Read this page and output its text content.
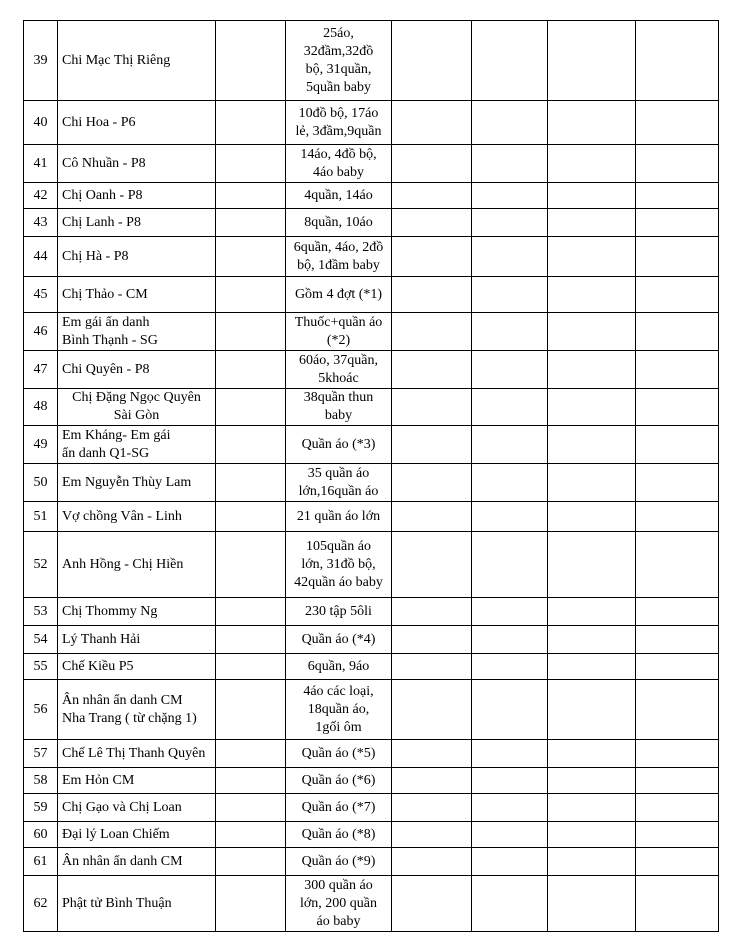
39	Chi Mạc Thị Riêng		25áo,
32đầm,32đồ
bộ, 31quần,
5quần baby				
40	Chi Hoa - P6		10đồ bộ, 17áo
lẻ, 3đầm,9quần				
41	Cô Nhuần - P8		14áo, 4đồ bộ,
4áo baby				
42	Chị Oanh - P8		4quần, 14áo				
43	Chị Lanh - P8		8quần, 10áo				
44	Chị Hà - P8		6quần, 4áo, 2đồ
bộ, 1đầm baby				
45	Chị Thảo - CM		Gồm 4 đợt (*1)				
46	Em gái ẩn danh
Bình Thạnh - SG		Thuốc+quần áo
(*2)				
47	Chi Quyên - P8		60áo, 37quần,
5khoác				
48	Chị Đặng Ngọc Quyên
Sài Gòn		38quần thun
baby				
49	Em Kháng- Em gái
ẩn danh Q1-SG		Quần áo (*3)				
50	Em Nguyễn Thùy Lam		35 quần áo
lớn,16quần áo				
51	Vợ chồng Vân - Linh		21 quần áo lớn				
52	Anh Hồng - Chị Hiền		105quần áo
lớn, 31đồ bộ,
42quần áo baby				
53	Chị Thommy Ng		230 tập 5ôli				
54	Lý Thanh Hải		Quần áo (*4)				
55	Chế Kiều P5		6quần, 9áo				
56	Ân nhân ẩn danh CM
Nha Trang ( từ chặng 1)		4áo các loại,
18quần áo,
1gối ôm				
57	Chế Lê Thị Thanh Quyên		Quần áo (*5)				
58	Em Hỏn CM		Quần áo (*6)				
59	Chị Gạo và Chị Loan		Quần áo (*7)				
60	Đại lý Loan Chiếm		Quần áo (*8)				
61	Ân nhân ẩn danh CM		Quần áo (*9)				
62	Phật tử Bình Thuận		300 quần áo
lớn, 200 quần
áo baby				
